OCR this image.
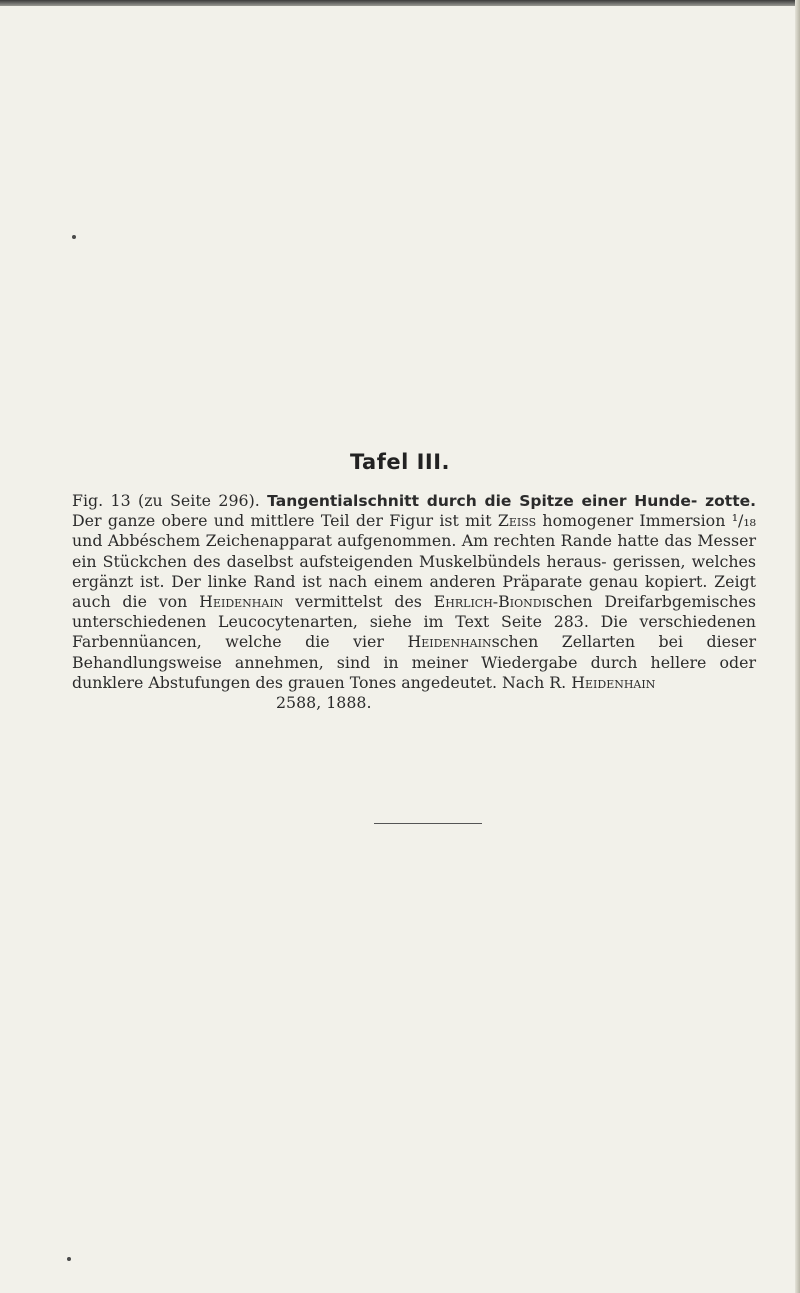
Tafel III.

Fig. 13 (zu Seite 296). Tangentialschnitt durch die Spitze einer Hunde- zotte. Der ganze obere und mittlere Teil der Figur ist mit Zeiss homogener Immersion ¹/₁₈ und Abbéschem Zeichenapparat aufgenommen. Am rechten Rande hatte das Messer ein Stückchen des daselbst aufsteigenden Muskelbündels heraus- gerissen, welches ergänzt ist. Der linke Rand ist nach einem anderen Präparate genau kopiert. Zeigt auch die von Heidenhain vermittelst des Ehrlich-Biondischen Dreifarbgemisches unterschiedenen Leucocytenarten, siehe im Text Seite 283. Die verschiedenen Farbennüancen, welche die vier Heidenhainschen Zellarten bei dieser Behandlungsweise annehmen, sind in meiner Wiedergabe durch hellere oder dunklere Abstufungen des grauen Tones angedeutet. Nach R. Heidenhain
2588, 1888.
